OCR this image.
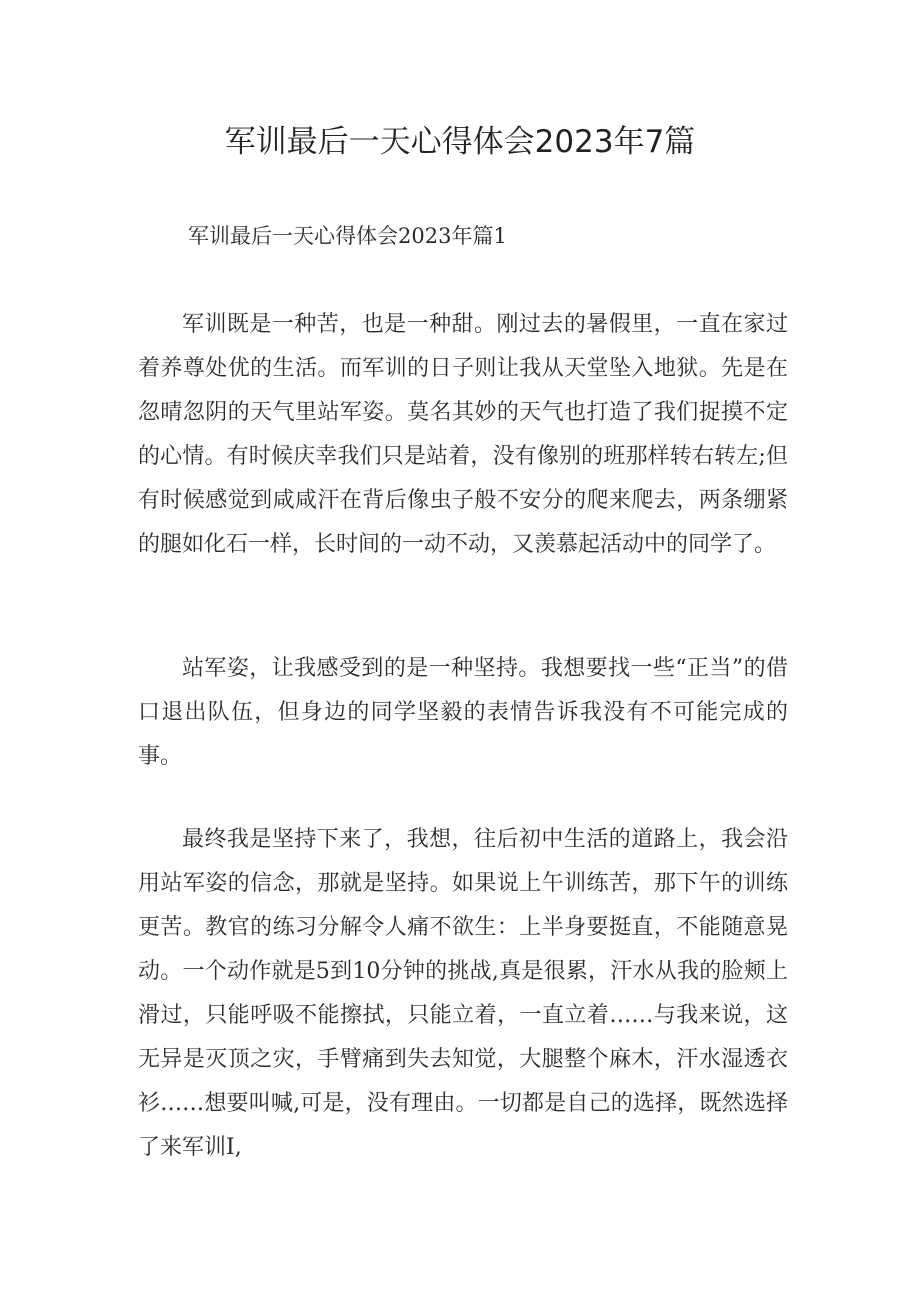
军训最后一天心得体会2023年7篇
军训最后一天心得体会2023年篇1

军训既是一种苦，也是一种甜。刚过去的暑假里，一直在家过着养尊处优的生活。而军训的日子则让我从天堂坠入地狱。先是在忽晴忽阴的天气里站军姿。莫名其妙的天气也打造了我们捉摸不定的心情。有时候庆幸我们只是站着，没有像别的班那样转右转左;但有时候感觉到咸咸汗在背后像虫子般不安分的爬来爬去，两条绷紧的腿如化石一样，长时间的一动不动，又羡慕起活动中的同学了。

站军姿，让我感受到的是一种坚持。我想要找一些“正当”的借口退出队伍，但身边的同学坚毅的表情告诉我没有不可能完成的事。

最终我是坚持下来了，我想，往后初中生活的道路上，我会沿用站军姿的信念，那就是坚持。如果说上午训练苦，那下午的训练更苦。教官的练习分解令人痛不欲生：上半身要挺直，不能随意晃动。一个动作就是5到10分钟的挑战,真是很累，汗水从我的脸颊上滑过，只能呼吸不能擦拭，只能立着，一直立着……与我来说，这无异是灭顶之灾，手臂痛到失去知觉，大腿整个麻木，汗水湿透衣衫……想要叫喊,可是，没有理由。一切都是自己的选择，既然选择了来军训I,
